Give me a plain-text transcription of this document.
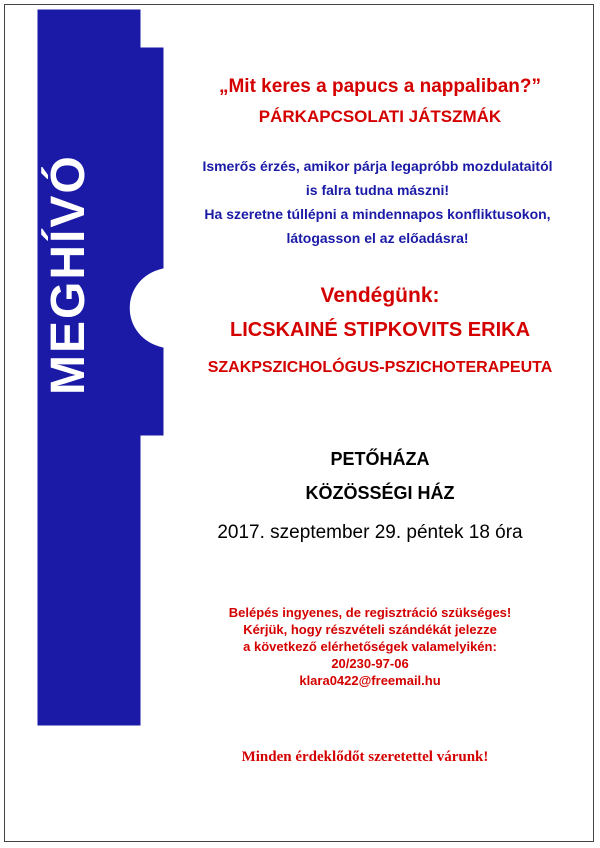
MEGHÍVÓ
„Mit keres a papucs a nappaliban?”
PÁRKAPCSOLATI JÁTSZMÁK
Ismerős érzés, amikor párja legapróbb mozdulataitól
is falra tudna mászni!
Ha szeretne túllépni a mindennapos konfliktusokon,
látogasson el az előadásra!
Vendégünk:
LICSKAINÉ STIPKOVITS ERIKA
SZAKPSZICHOLÓGUS-PSZICHOTERAPEUTA
PETŐHÁZA
KÖZÖSSÉGI HÁZ
2017. szeptember 29. péntek 18 óra
Belépés ingyenes, de regisztráció szükséges!
Kérjük, hogy részvételi szándékát jelezze
a következő elérhetőségek valamelyikén:
20/230-97-06
klara0422@freemail.hu
Minden érdeklődőt szeretettel várunk!
